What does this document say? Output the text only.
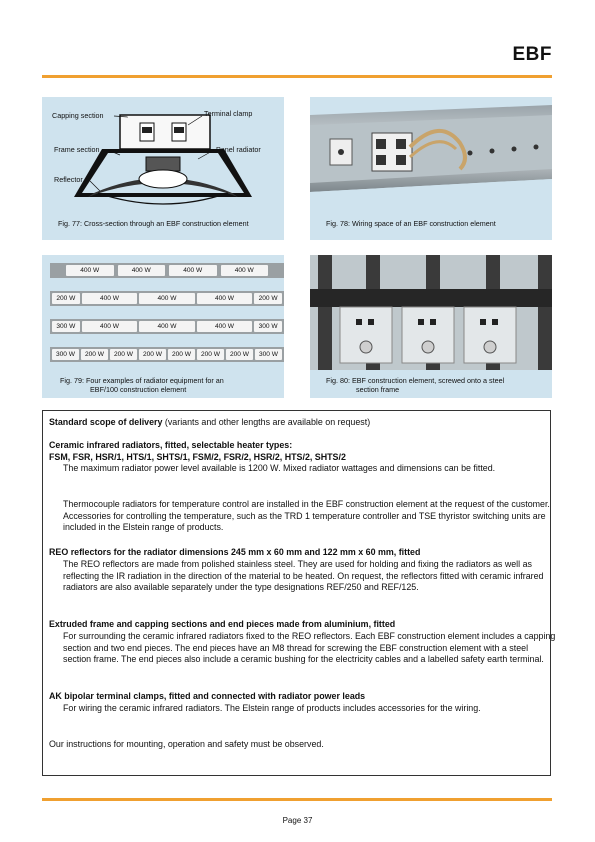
EBF
Capping section	Terminal clamp
Frame section	Panel radiator
Reflector
Fig. 77: Cross-section through an EBF construction element	Fig. 78: Wiring space of an EBF construction element
400 W	400 W	400 W	400 W
200 W	400 W	400 W	400 W	200 W
300 W	400 W	400 W	400 W	300 W
300 W	200 W	200 W	200 W	200 W	200 W	200 W	300 W
Fig. 79: Four examples of radiator equipment for an
EBF/100 construction element
Fig. 80: EBF construction element, screwed onto a steel
section frame
Standard scope of delivery (variants and other lengths are available on request)
Ceramic infrared radiators, fitted, selectable heater types:
FSM, FSR, HSR/1, HTS/1, SHTS/1, FSM/2, FSR/2, HSR/2, HTS/2, SHTS/2
The maximum radiator power level available is 1200 W. Mixed radiator wattages and dimensions can be fitted.
Thermocouple radiators for temperature control are installed in the EBF construction element at the request of the customer. Accessories for controlling the temperature, such as the TRD 1 temperature controller and TSE thyristor switching units are included in the Elstein range of products.
REO reflectors for the radiator dimensions 245 mm x 60 mm and 122 mm x 60 mm, fitted
The REO reflectors are made from polished stainless steel. They are used for holding and fixing the radiators as well as reflecting the IR radiation in the direction of the material to be heated. On request, the reflectors fitted with ceramic infrared radiators are also available separately under the type designations REF/250 and REF/125.
Extruded frame and capping sections and end pieces made from aluminium, fitted
For surrounding the ceramic infrared radiators fixed to the REO reflectors. Each EBF construction element includes a capping section and two end pieces. The end pieces have an M8 thread for screwing the EBF construction element with a steel section frame. The end pieces also include a ceramic bushing for the electricity cables and a labelled safety earth terminal.
AK bipolar terminal clamps, fitted and connected with radiator power leads
For wiring the ceramic infrared radiators. The Elstein range of products includes accessories for the wiring.
Our instructions for mounting, operation and safety must be observed.
Page 37
